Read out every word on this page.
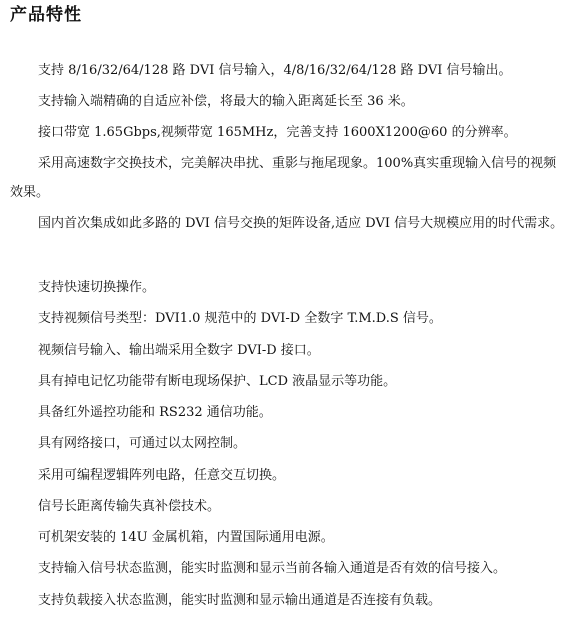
产品特性

支持 8/16/32/64/128 路 DVI 信号输入，4/8/16/32/64/128 路 DVI 信号输出。

支持输入端精确的自适应补偿，将最大的输入距离延长至 36 米。

接口带宽 1.65Gbps,视频带宽 165MHz，完善支持 1600X1200@60 的分辨率。

采用高速数字交换技术，完美解决串扰、重影与拖尾现象。100%真实重现输入信号的视频效果。

国内首次集成如此多路的 DVI 信号交换的矩阵设备,适应 DVI 信号大规模应用的时代需求。

支持快速切换操作。

支持视频信号类型：DVI1.0 规范中的 DVI-D 全数字 T.M.D.S 信号。

视频信号输入、输出端采用全数字 DVI-D 接口。

具有掉电记忆功能带有断电现场保护、LCD 液晶显示等功能。

具备红外遥控功能和 RS232 通信功能。

具有网络接口，可通过以太网控制。

采用可编程逻辑阵列电路，任意交互切换。

信号长距离传输失真补偿技术。

可机架安装的 14U 金属机箱，内置国际通用电源。

支持输入信号状态监测，能实时监测和显示当前各输入通道是否有效的信号接入。

支持负载接入状态监测，能实时监测和显示输出通道是否连接有负载。
